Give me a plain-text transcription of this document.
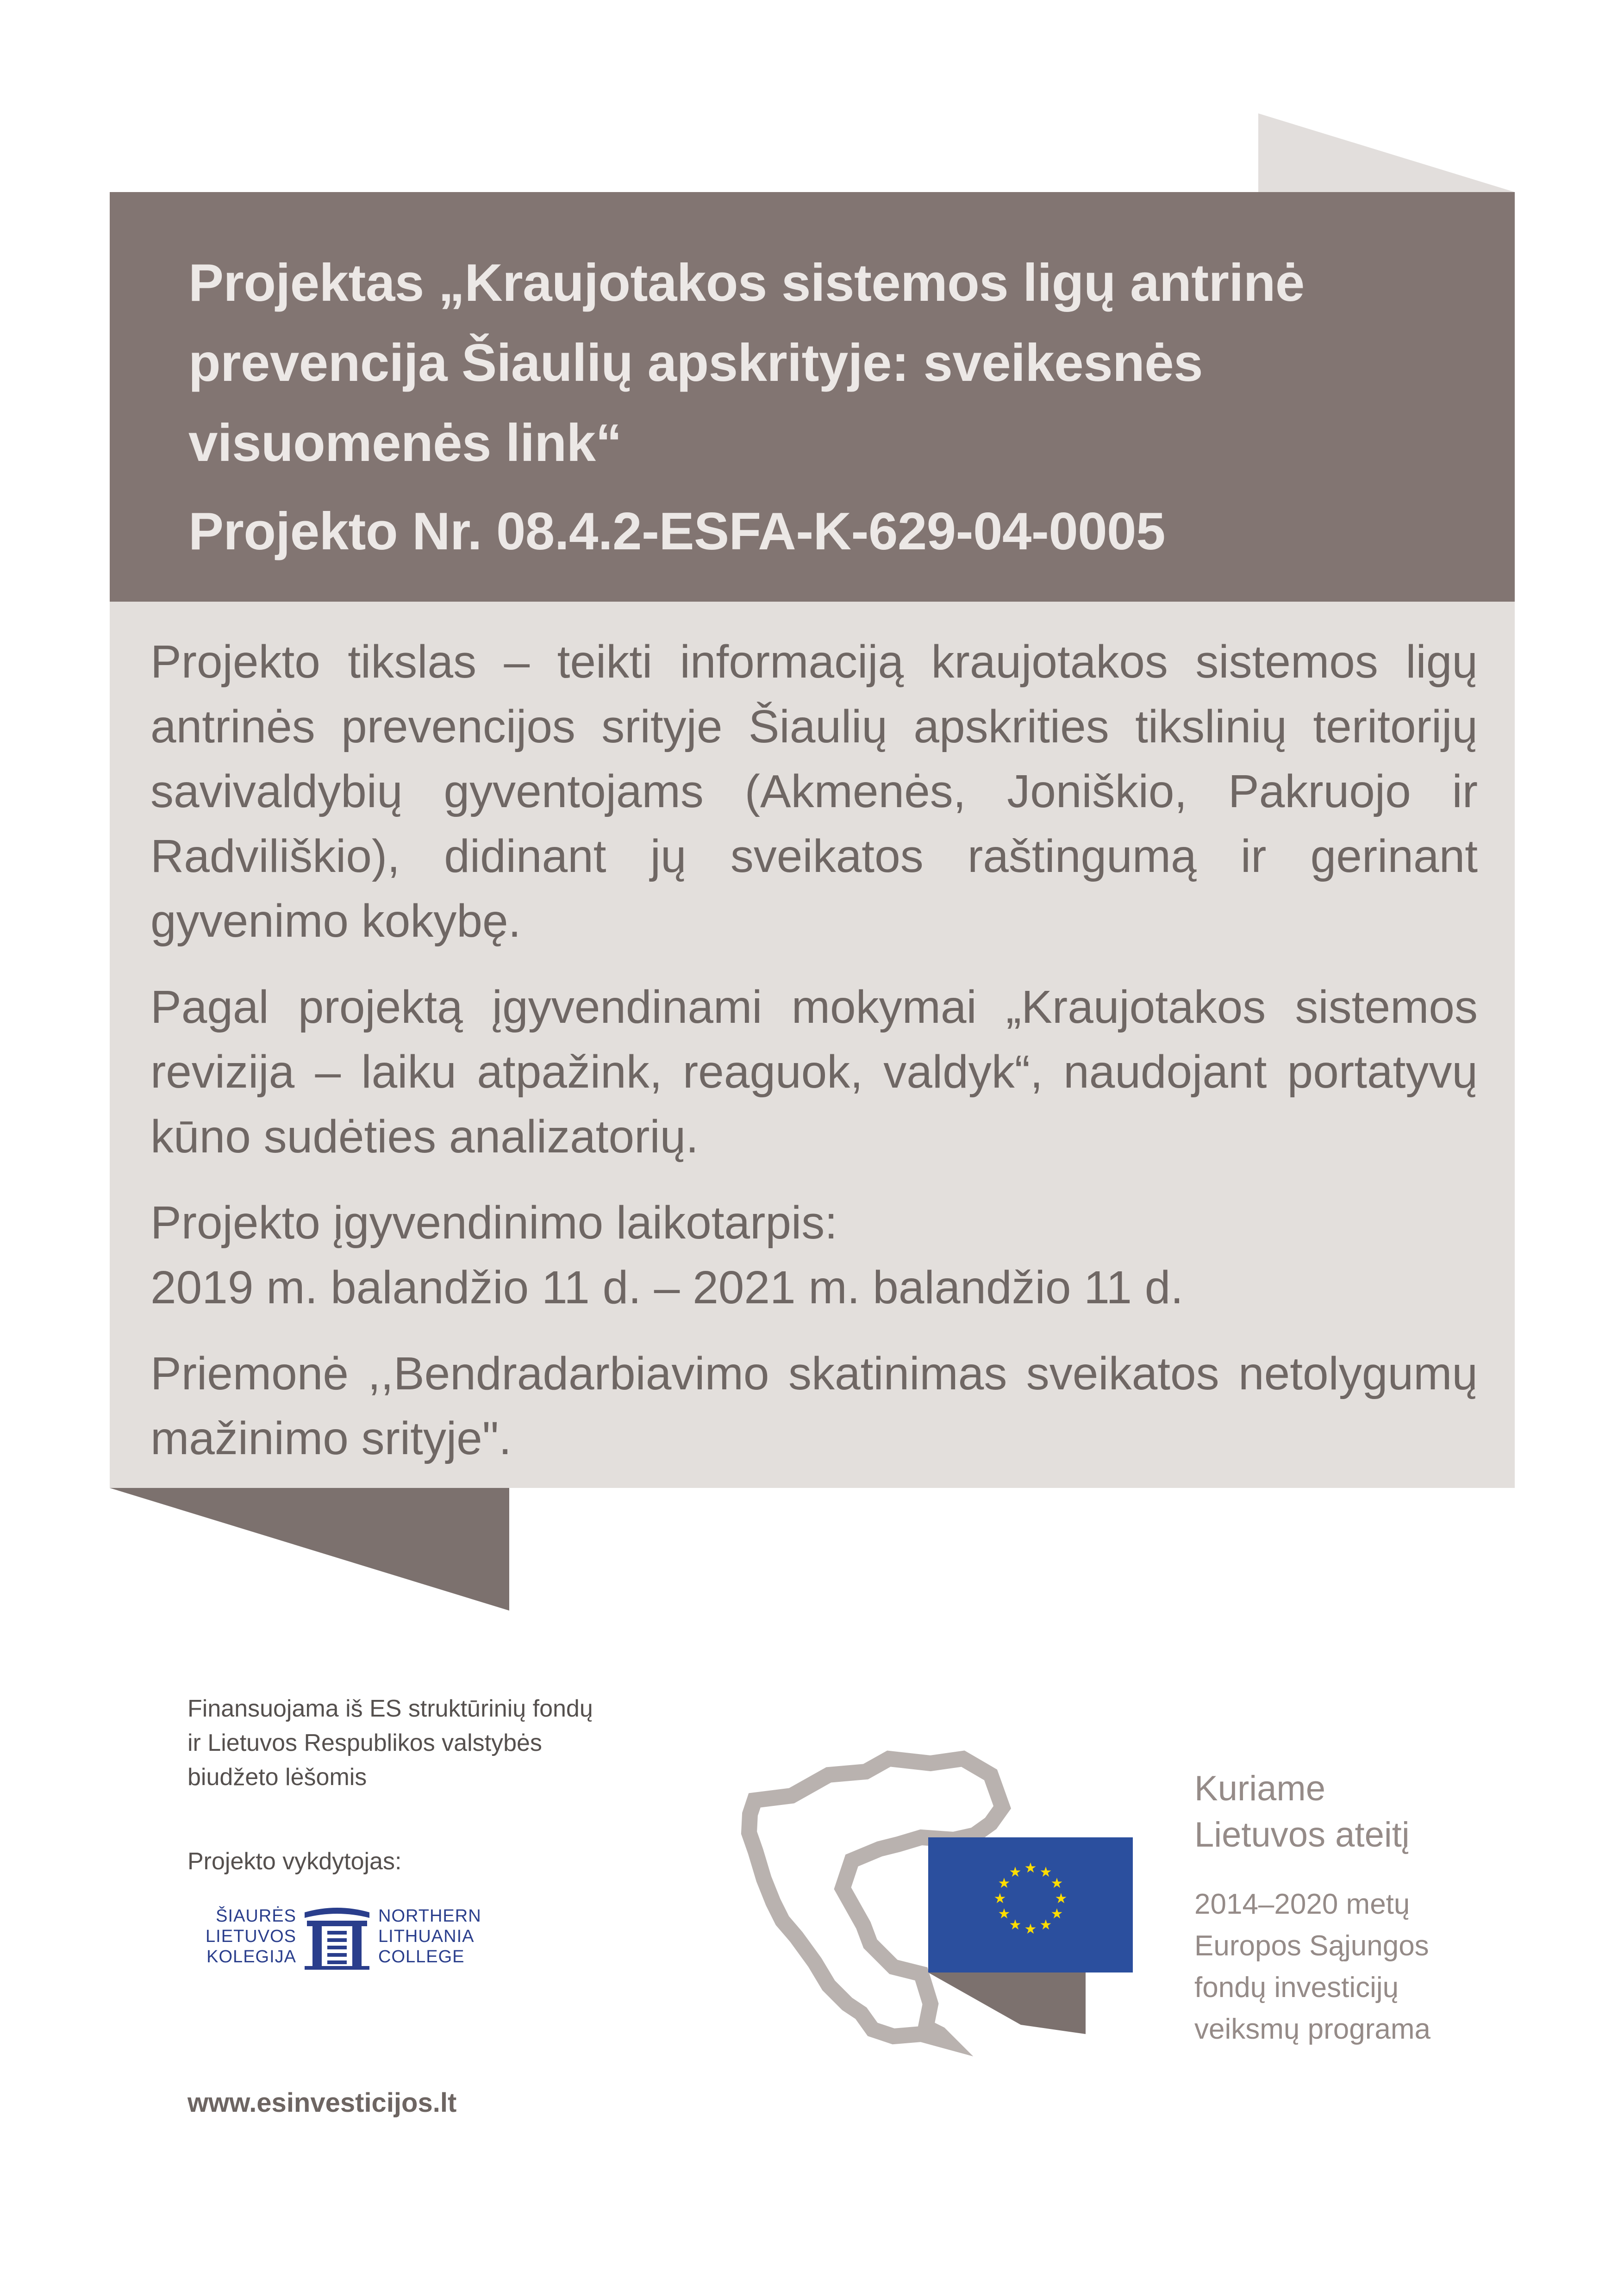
Projektas „Kraujotakos sistemos ligų antrinė
prevencija Šiaulių apskrityje: sveikesnės
visuomenės link“
Projekto Nr. 08.4.2-ESFA-K-629-04-0005

Projekto tikslas – teikti informaciją kraujotakos sistemos ligų antrinės prevencijos srityje Šiaulių apskrities tikslinių teritorijų savivaldybių gyventojams (Akmenės, Joniškio, Pakruojo ir Radviliškio), didinant jų sveikatos raštingumą ir gerinant gyvenimo kokybę.

Pagal projektą įgyvendinami mokymai „Kraujotakos sistemos revizija – laiku atpažink, reaguok, valdyk“, naudojant portatyvų kūno sudėties analizatorių.

Projekto įgyvendinimo laikotarpis:
2019 m. balandžio 11 d. – 2021 m. balandžio 11 d.

Priemonė ,,Bendradarbiavimo skatinimas sveikatos netolygumų mažinimo srityje".

Finansuojama iš ES struktūrinių fondų
ir Lietuvos Respublikos valstybės
biudžeto lėšomis
Projekto vykdytojas:
ŠIAURĖS
LIETUVOS
KOLEGIJA
NORTHERN
LITHUANIA
COLLEGE
★ ★
★
★
★
★
★
★
★
★
★
★
Kuriame
Lietuvos ateitį
2014–2020 metų
Europos Sąjungos
fondų investicijų
veiksmų programa
www.esinvesticijos.lt
